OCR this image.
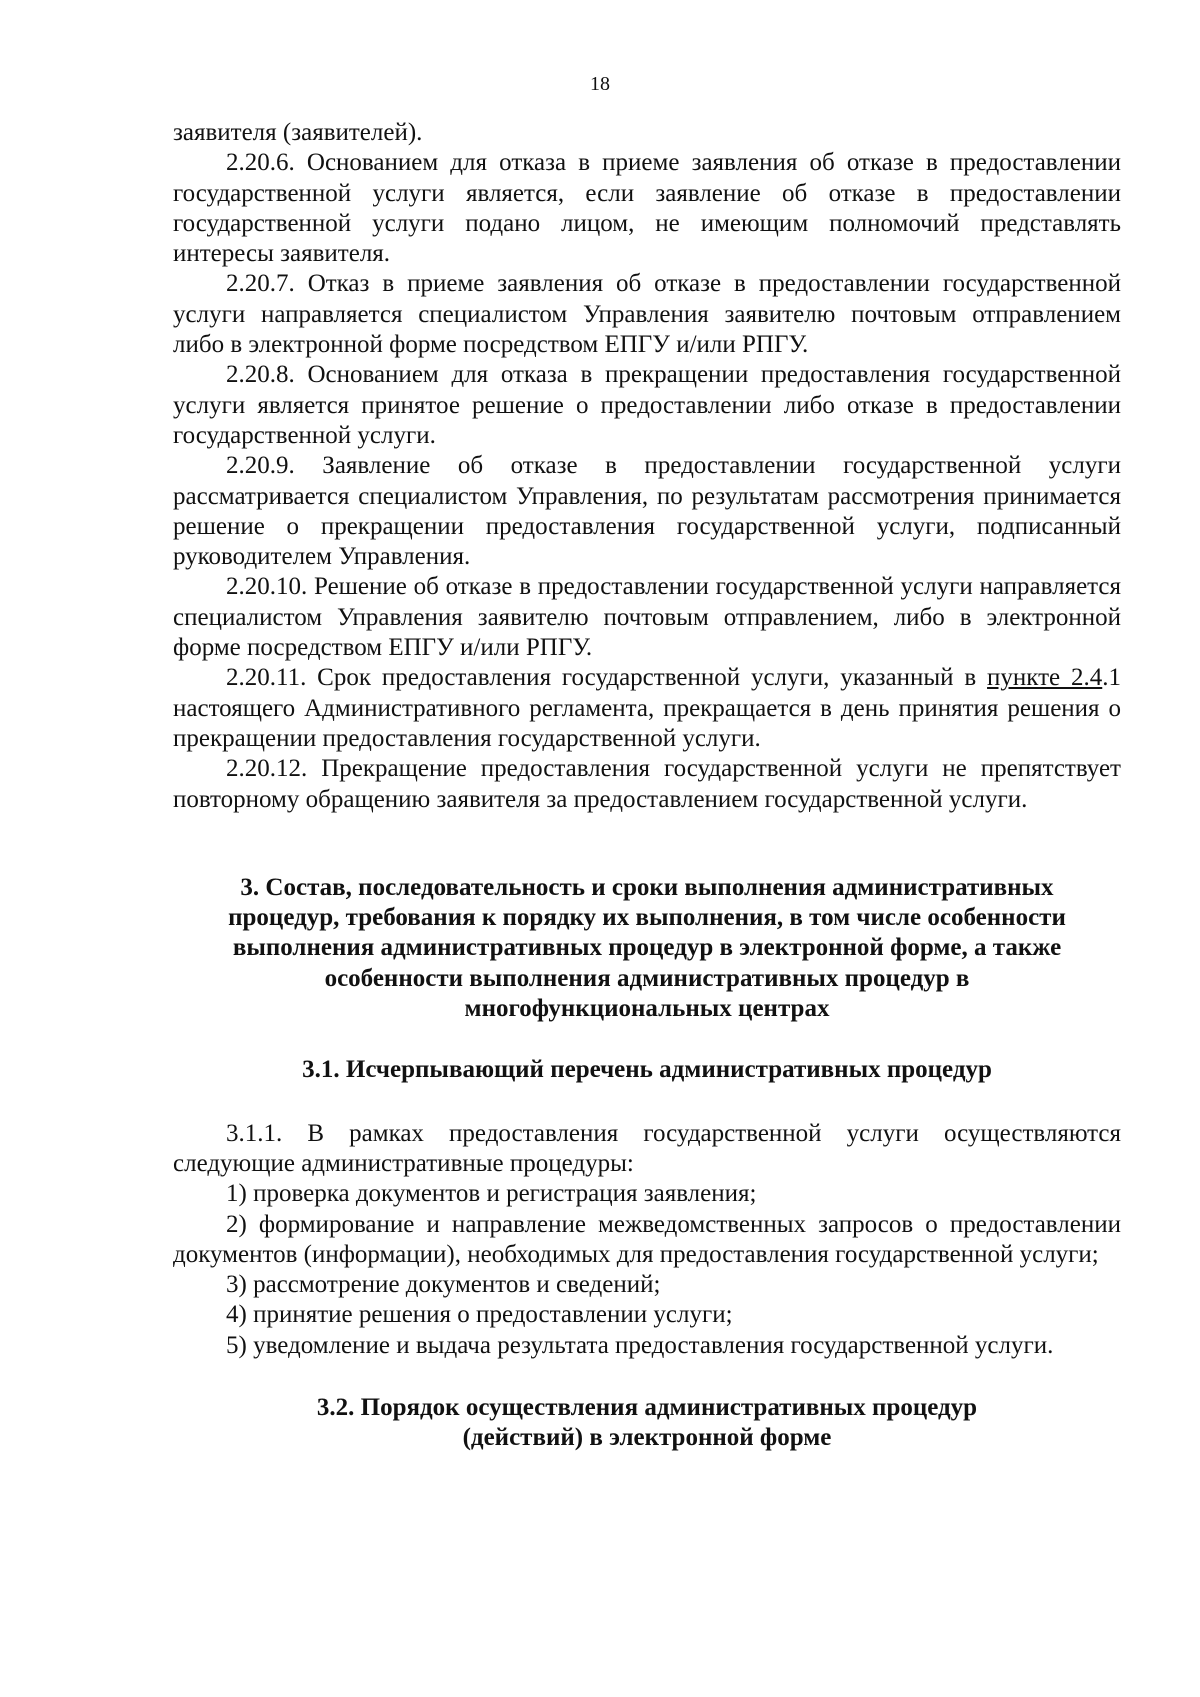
18

заявителя (заявителей).

2.20.6. Основанием для отказа в приеме заявления об отказе в предоставлении государственной услуги является, если заявление об отказе в предоставлении государственной услуги подано лицом, не имеющим полномочий представлять интересы заявителя.

2.20.7. Отказ в приеме заявления об отказе в предоставлении государственной услуги направляется специалистом Управления заявителю почтовым отправлением либо в электронной форме посредством ЕПГУ и/или РПГУ.

2.20.8. Основанием для отказа в прекращении предоставления государственной услуги является принятое решение о предоставлении либо отказе в предоставлении государственной услуги.

2.20.9. Заявление об отказе в предоставлении государственной услуги рассматривается специалистом Управления, по результатам рассмотрения принимается решение о прекращении предоставления государственной услуги, подписанный руководителем Управления.

2.20.10. Решение об отказе в предоставлении государственной услуги направляется специалистом Управления заявителю почтовым отправлением, либо в электронной форме посредством ЕПГУ и/или РПГУ.

2.20.11. Срок предоставления государственной услуги, указанный в пункте 2.4.1 настоящего Административного регламента, прекращается в день принятия решения о прекращении предоставления государственной услуги.

2.20.12. Прекращение предоставления государственной услуги не препятствует повторному обращению заявителя за предоставлением государственной услуги.

3. Состав, последовательность и сроки выполнения административных
процедур, требования к порядку их выполнения, в том числе особенности
выполнения административных процедур в электронной форме, а также
особенности выполнения административных процедур в
многофункциональных центрах
3.1. Исчерпывающий перечень административных процедур

3.1.1. В рамках предоставления государственной услуги осуществляются следующие административные процедуры:

1) проверка документов и регистрация заявления;

2) формирование и направление межведомственных запросов о предоставлении документов (информации), необходимых для предоставления государственной услуги;

3) рассмотрение документов и сведений;

4) принятие решения о предоставлении услуги;

5) уведомление и выдача результата предоставления государственной услуги.

3.2. Порядок осуществления административных процедур
(действий) в электронной форме
